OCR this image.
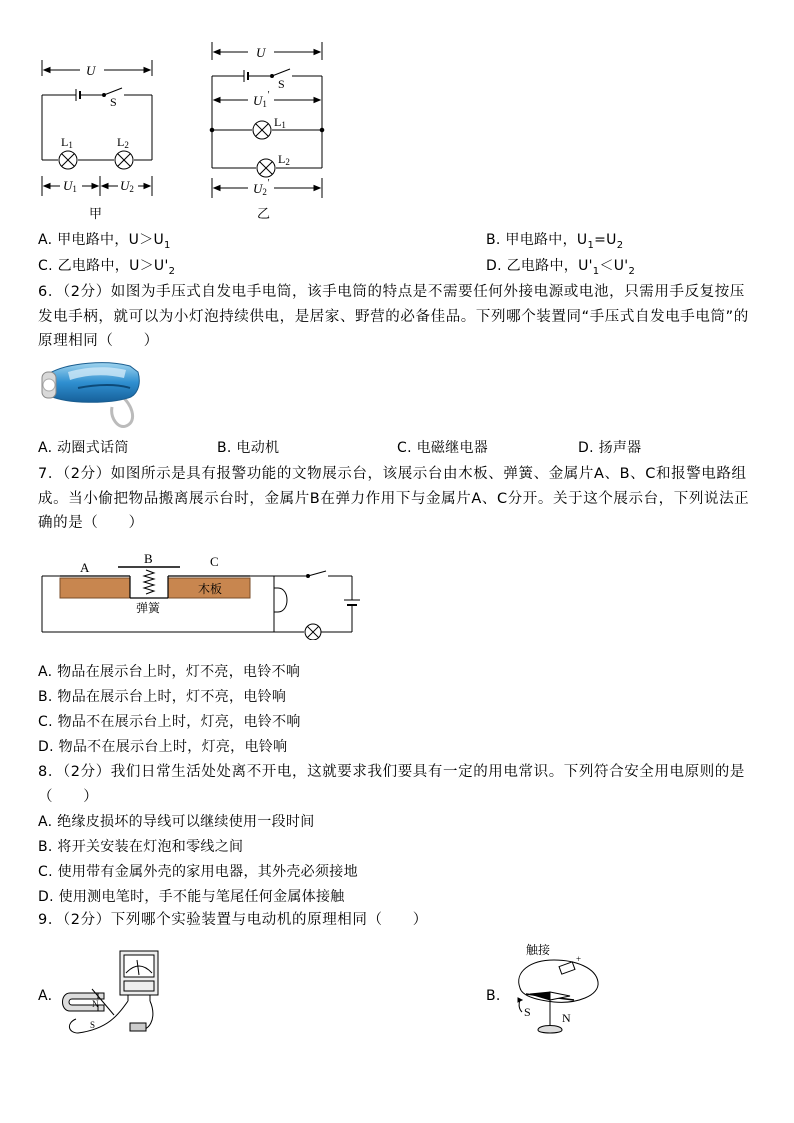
U
S
L1	L2
U1	U2
甲
U
S
U1′
L1
L2
U2′
乙
A. 甲电路中，$U>U_1$	B. 甲电路中，$U_1=U_2$
C. 乙电路中，$U>U'_2$	D. 乙电路中，$U'_1<U'_2$
6．（2分）如图为手压式自发电手电筒，该手电筒的特点是不需要任何外接电源或电池，只需用手反复按压发电手柄，就可以为小灯泡持续供电，是居家、野营的必备佳品。下列哪个装置同“手压式自发电手电筒”的原理相同（　　）
A. 动圈式话筒	B. 电动机	C. 电磁继电器	D. 扬声器
7．（2分）如图所示是具有报警功能的文物展示台，该展示台由木板、弹簧、金属片A、B、C和报警电路组成。当小偷把物品搬离展示台时，金属片B在弹力作用下与金属片A、C分开。关于这个展示台，下列说法正确的是（　　）
A
B	C
木板
弹簧
A. 物品在展示台上时，灯不亮，电铃不响
B. 物品在展示台上时，灯不亮，电铃响
C. 物品不在展示台上时，灯亮，电铃不响
D. 物品不在展示台上时，灯亮，电铃响
8．（2分）我们日常生活处处离不开电，这就要求我们要具有一定的用电常识。下列符合安全用电原则的是（　　）
A. 绝缘皮损坏的导线可以继续使用一段时间
B. 将开关安装在灯泡和零线之间
C. 使用带有金属外壳的家用电器，其外壳必须接地
D. 使用测电笔时，手不能与笔尾任何金属体接触
9．（2分）下列哪个实验装置与电动机的原理相同（　　）
A.	N
S
B.
触接
+
S	N
